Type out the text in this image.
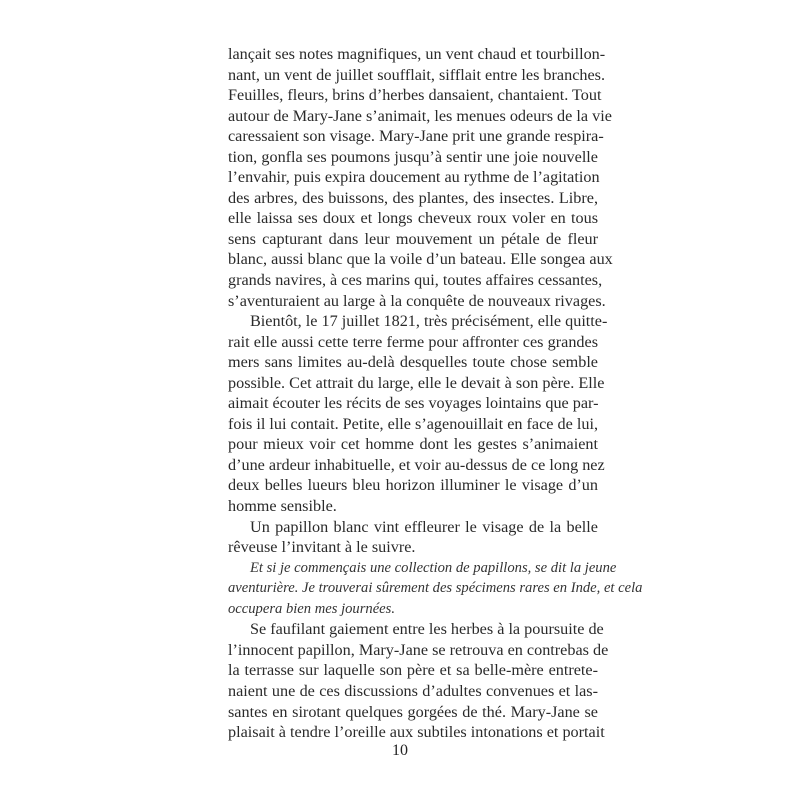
lançait ses notes magnifiques, un vent chaud et tourbillon-
nant, un vent de juillet soufflait, sifflait entre les branches.
Feuilles, fleurs, brins d’herbes dansaient, chantaient. Tout
autour de Mary-Jane s’animait, les menues odeurs de la vie
caressaient son visage. Mary-Jane prit une grande respira-
tion, gonfla ses poumons jusqu’à sentir une joie nouvelle
l’envahir, puis expira doucement au rythme de l’agitation
des arbres, des buissons, des plantes, des insectes. Libre,
elle laissa ses doux et longs cheveux roux voler en tous
sens capturant dans leur mouvement un pétale de fleur
blanc, aussi blanc que la voile d’un bateau. Elle songea aux
grands navires, à ces marins qui, toutes affaires cessantes,
s’aventuraient au large à la conquête de nouveaux rivages.
Bientôt, le 17 juillet 1821, très précisément, elle quitte-
rait elle aussi cette terre ferme pour affronter ces grandes
mers sans limites au-delà desquelles toute chose semble
possible. Cet attrait du large, elle le devait à son père. Elle
aimait écouter les récits de ses voyages lointains que par-
fois il lui contait. Petite, elle s’agenouillait en face de lui,
pour mieux voir cet homme dont les gestes s’animaient
d’une ardeur inhabituelle, et voir au-dessus de ce long nez
deux belles lueurs bleu horizon illuminer le visage d’un
homme sensible.
Un papillon blanc vint effleurer le visage de la belle
rêveuse l’invitant à le suivre.
Et si je commençais une collection de papillons, se dit la jeune
aventurière. Je trouverai sûrement des spécimens rares en Inde, et cela
occupera bien mes journées.
Se faufilant gaiement entre les herbes à la poursuite de
l’innocent papillon, Mary-Jane se retrouva en contrebas de
la terrasse sur laquelle son père et sa belle-mère entrete-
naient une de ces discussions d’adultes convenues et las-
santes en sirotant quelques gorgées de thé. Mary-Jane se
plaisait à tendre l’oreille aux subtiles intonations et portait
10
